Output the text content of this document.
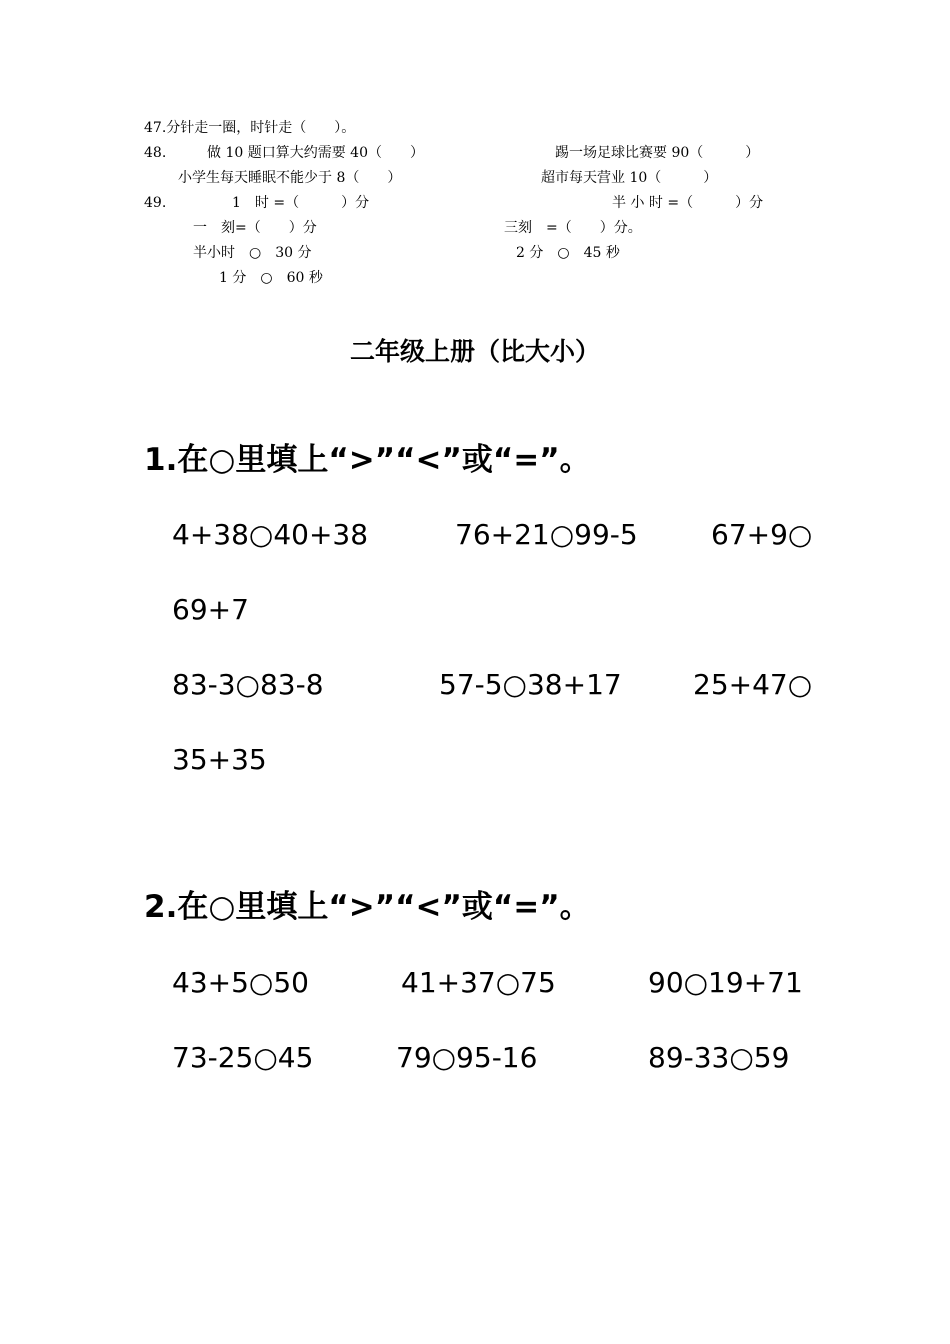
47.分针走一圈，时针走（　　）。
48.	做 10 题口算大约需要 40（　　）	踢一场足球比赛要 90（　　　）
小学生每天睡眠不能少于 8（　　）	超市每天营业 10（　　　）
49.	1　时 =（　　　）分	半 小 时 =（　　　）分
一　刻=（　　）分	三刻　=（　　）分。
半小时　○　30 分	2 分　○　45 秒
1 分　○　60 秒
二年级上册（比大小）
1.在○里填上“>”“<”或“=”。
4+38○40+38	76+21○99-5	67+9○
69+7
83-3○83-8	57-5○38+17	25+47○
35+35
2.在○里填上“>”“<”或“=”。
43+5○50	41+37○75	90○19+71
73-25○45	79○95-16	89-33○59
